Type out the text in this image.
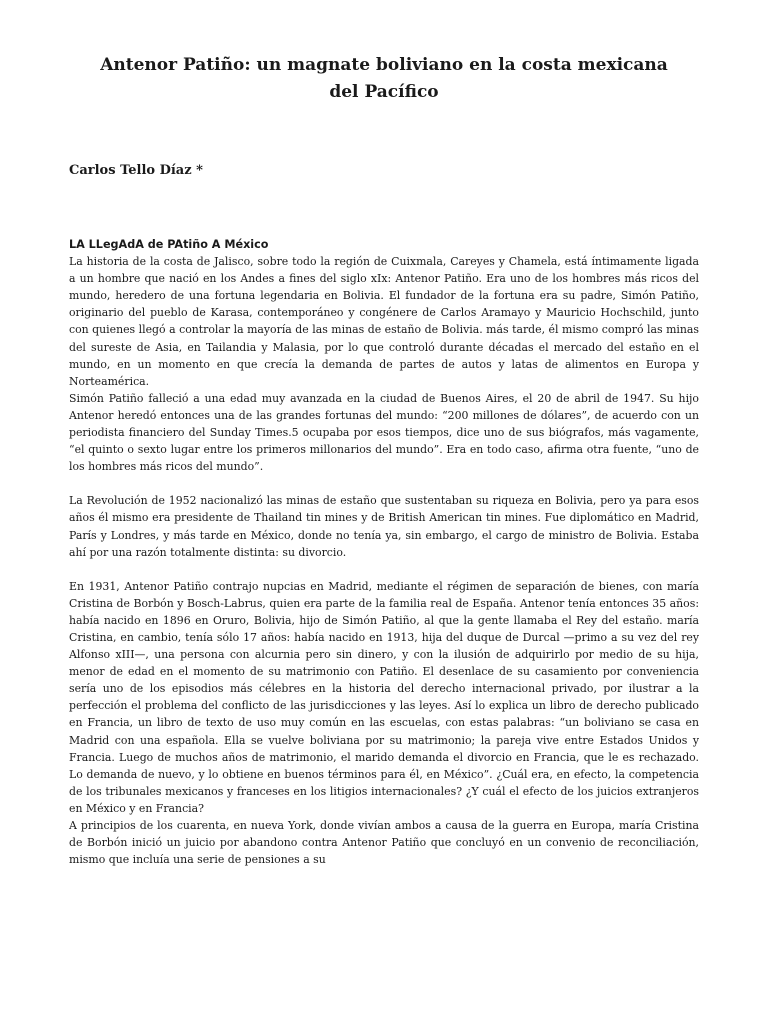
Antenor Patiño: un magnate boliviano en la costa mexicana del Pacífico

Carlos Tello Díaz *

LA LLegAdA de PAtiño A México

La historia de la costa de Jalisco, sobre todo la región de Cuixmala, Careyes y Chamela, está íntimamente ligada a un hombre que nació en los Andes a fines del siglo xIx: Antenor Patiño. Era uno de los hombres más ricos del mundo, heredero de una fortuna legendaria en Bolivia. El fundador de la fortuna era su padre, Simón Patiño, originario del pueblo de Karasa, contemporáneo y congénere de Carlos Aramayo y Mauricio Hochschild, junto con quienes llegó a controlar la mayoría de las minas de estaño de Bolivia. más tarde, él mismo compró las minas del sureste de Asia, en Tailandia y Malasia, por lo que controló durante décadas el mercado del estaño en el mundo, en un momento en que crecía la demanda de partes de autos y latas de alimentos en Europa y Norteamérica.

Simón Patiño falleció a una edad muy avanzada en la ciudad de Buenos Aires, el 20 de abril de 1947. Su hijo Antenor heredó entonces una de las grandes fortunas del mundo: “200 millones de dólares”, de acuerdo con un periodista financiero del Sunday Times.5 ocupaba por esos tiempos, dice uno de sus biógrafos, más vagamente, “el quinto o sexto lugar entre los primeros millonarios del mundo”. Era en todo caso, afirma otra fuente, “uno de los hombres más ricos del mundo”.

La Revolución de 1952 nacionalizó las minas de estaño que sustentaban su riqueza en Bolivia, pero ya para esos años él mismo era presidente de Thailand tin mines y de British American tin mines. Fue diplomático en Madrid, París y Londres, y más tarde en México, donde no tenía ya, sin embargo, el cargo de ministro de Bolivia. Estaba ahí por una razón totalmente distinta: su divorcio.

En 1931, Antenor Patiño contrajo nupcias en Madrid, mediante el régimen de separación de bienes, con maría Cristina de Borbón y Bosch-Labrus, quien era parte de la familia real de España. Antenor tenía entonces 35 años: había nacido en 1896 en Oruro, Bolivia, hijo de Simón Patiño, al que la gente llamaba el Rey del estaño. maría Cristina, en cambio, tenía sólo 17 años: había nacido en 1913, hija del duque de Durcal —primo a su vez del rey Alfonso xIII—, una persona con alcurnia pero sin dinero, y con la ilusión de adquirirlo por medio de su hija, menor de edad en el momento de su matrimonio con Patiño. El desenlace de su casamiento por conveniencia sería uno de los episodios más célebres en la historia del derecho internacional privado, por ilustrar a la perfección el problema del conflicto de las jurisdicciones y las leyes. Así lo explica un libro de derecho publicado en Francia, un libro de texto de uso muy común en las escuelas, con estas palabras: “un boliviano se casa en Madrid con una española. Ella se vuelve boliviana por su matrimonio; la pareja vive entre Estados Unidos y Francia. Luego de muchos años de matrimonio, el marido demanda el divorcio en Francia, que le es rechazado. Lo demanda de nuevo, y lo obtiene en buenos términos para él, en México”. ¿Cuál era, en efecto, la competencia de los tribunales mexicanos y franceses en los litigios internacionales? ¿Y cuál el efecto de los juicios extranjeros en México y en Francia?

A principios de los cuarenta, en nueva York, donde vivían ambos a causa de la guerra en Europa, maría Cristina de Borbón inició un juicio por abandono contra Antenor Patiño que concluyó en un convenio de reconciliación, mismo que incluía una serie de pensiones a su
